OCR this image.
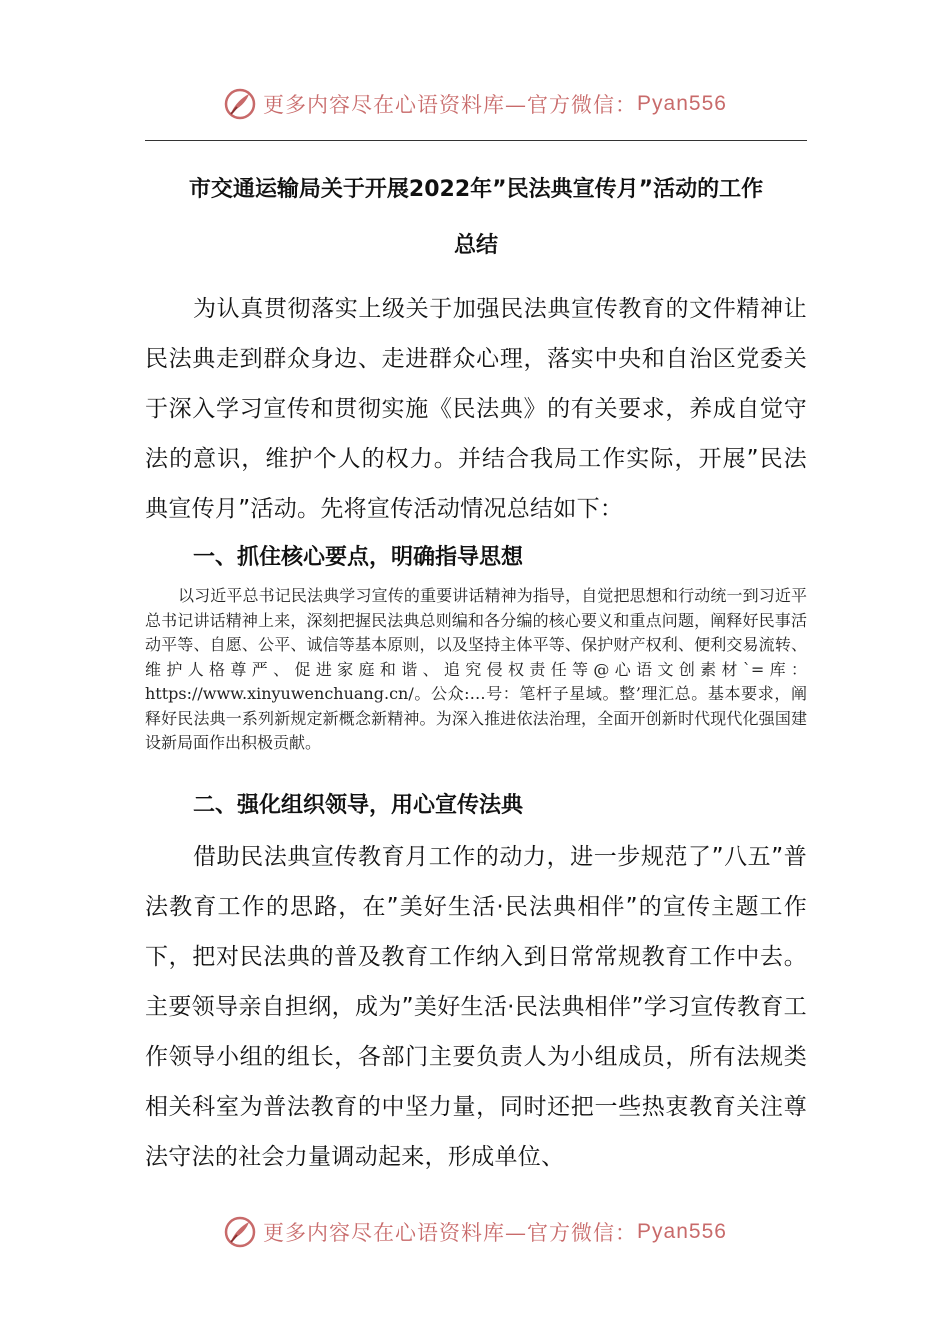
更多内容尽在心语资料库—官方微信： Pyan556
市交通运输局关于开展2022年”民法典宣传月”活动的工作
总结

为认真贯彻落实上级关于加强民法典宣传教育的文件精神让民法典走到群众身边、走进群众心理，落实中央和自治区党委关于深入学习宣传和贯彻实施《民法典》的有关要求，养成自觉守法的意识，维护个人的权力。并结合我局工作实际，开展”民法典宣传月”活动。先将宣传活动情况总结如下：

一、抓住核心要点，明确指导思想

以习近平总书记民法典学习宣传的重要讲话精神为指导，自觉把思想和行动统一到习近平总书记讲话精神上来，深刻把握民法典总则编和各分编的核心要义和重点问题，阐释好民事活动平等、自愿、公平、诚信等基本原则，以及坚持主体平等、保护财产权利、便利交易流转、维护人格尊严、促进家庭和谐、追究侵权责任等@心语文创素材`=库：https://www.xinyuwenchuang.cn/。公众:…号：笔杆子星域。整’理汇总。基本要求，阐释好民法典一系列新规定新概念新精神。为深入推进依法治理，全面开创新时代现代化强国建设新局面作出积极贡献。

二、强化组织领导，用心宣传法典

借助民法典宣传教育月工作的动力，进一步规范了”八五”普法教育工作的思路，在”美好生活·民法典相伴”的宣传主题工作下，把对民法典的普及教育工作纳入到日常常规教育工作中去。主要领导亲自担纲，成为”美好生活·民法典相伴”学习宣传教育工作领导小组的组长，各部门主要负责人为小组成员，所有法规类相关科室为普法教育的中坚力量，同时还把一些热衷教育关注尊法守法的社会力量调动起来，形成单位、

更多内容尽在心语资料库—官方微信： Pyan556
